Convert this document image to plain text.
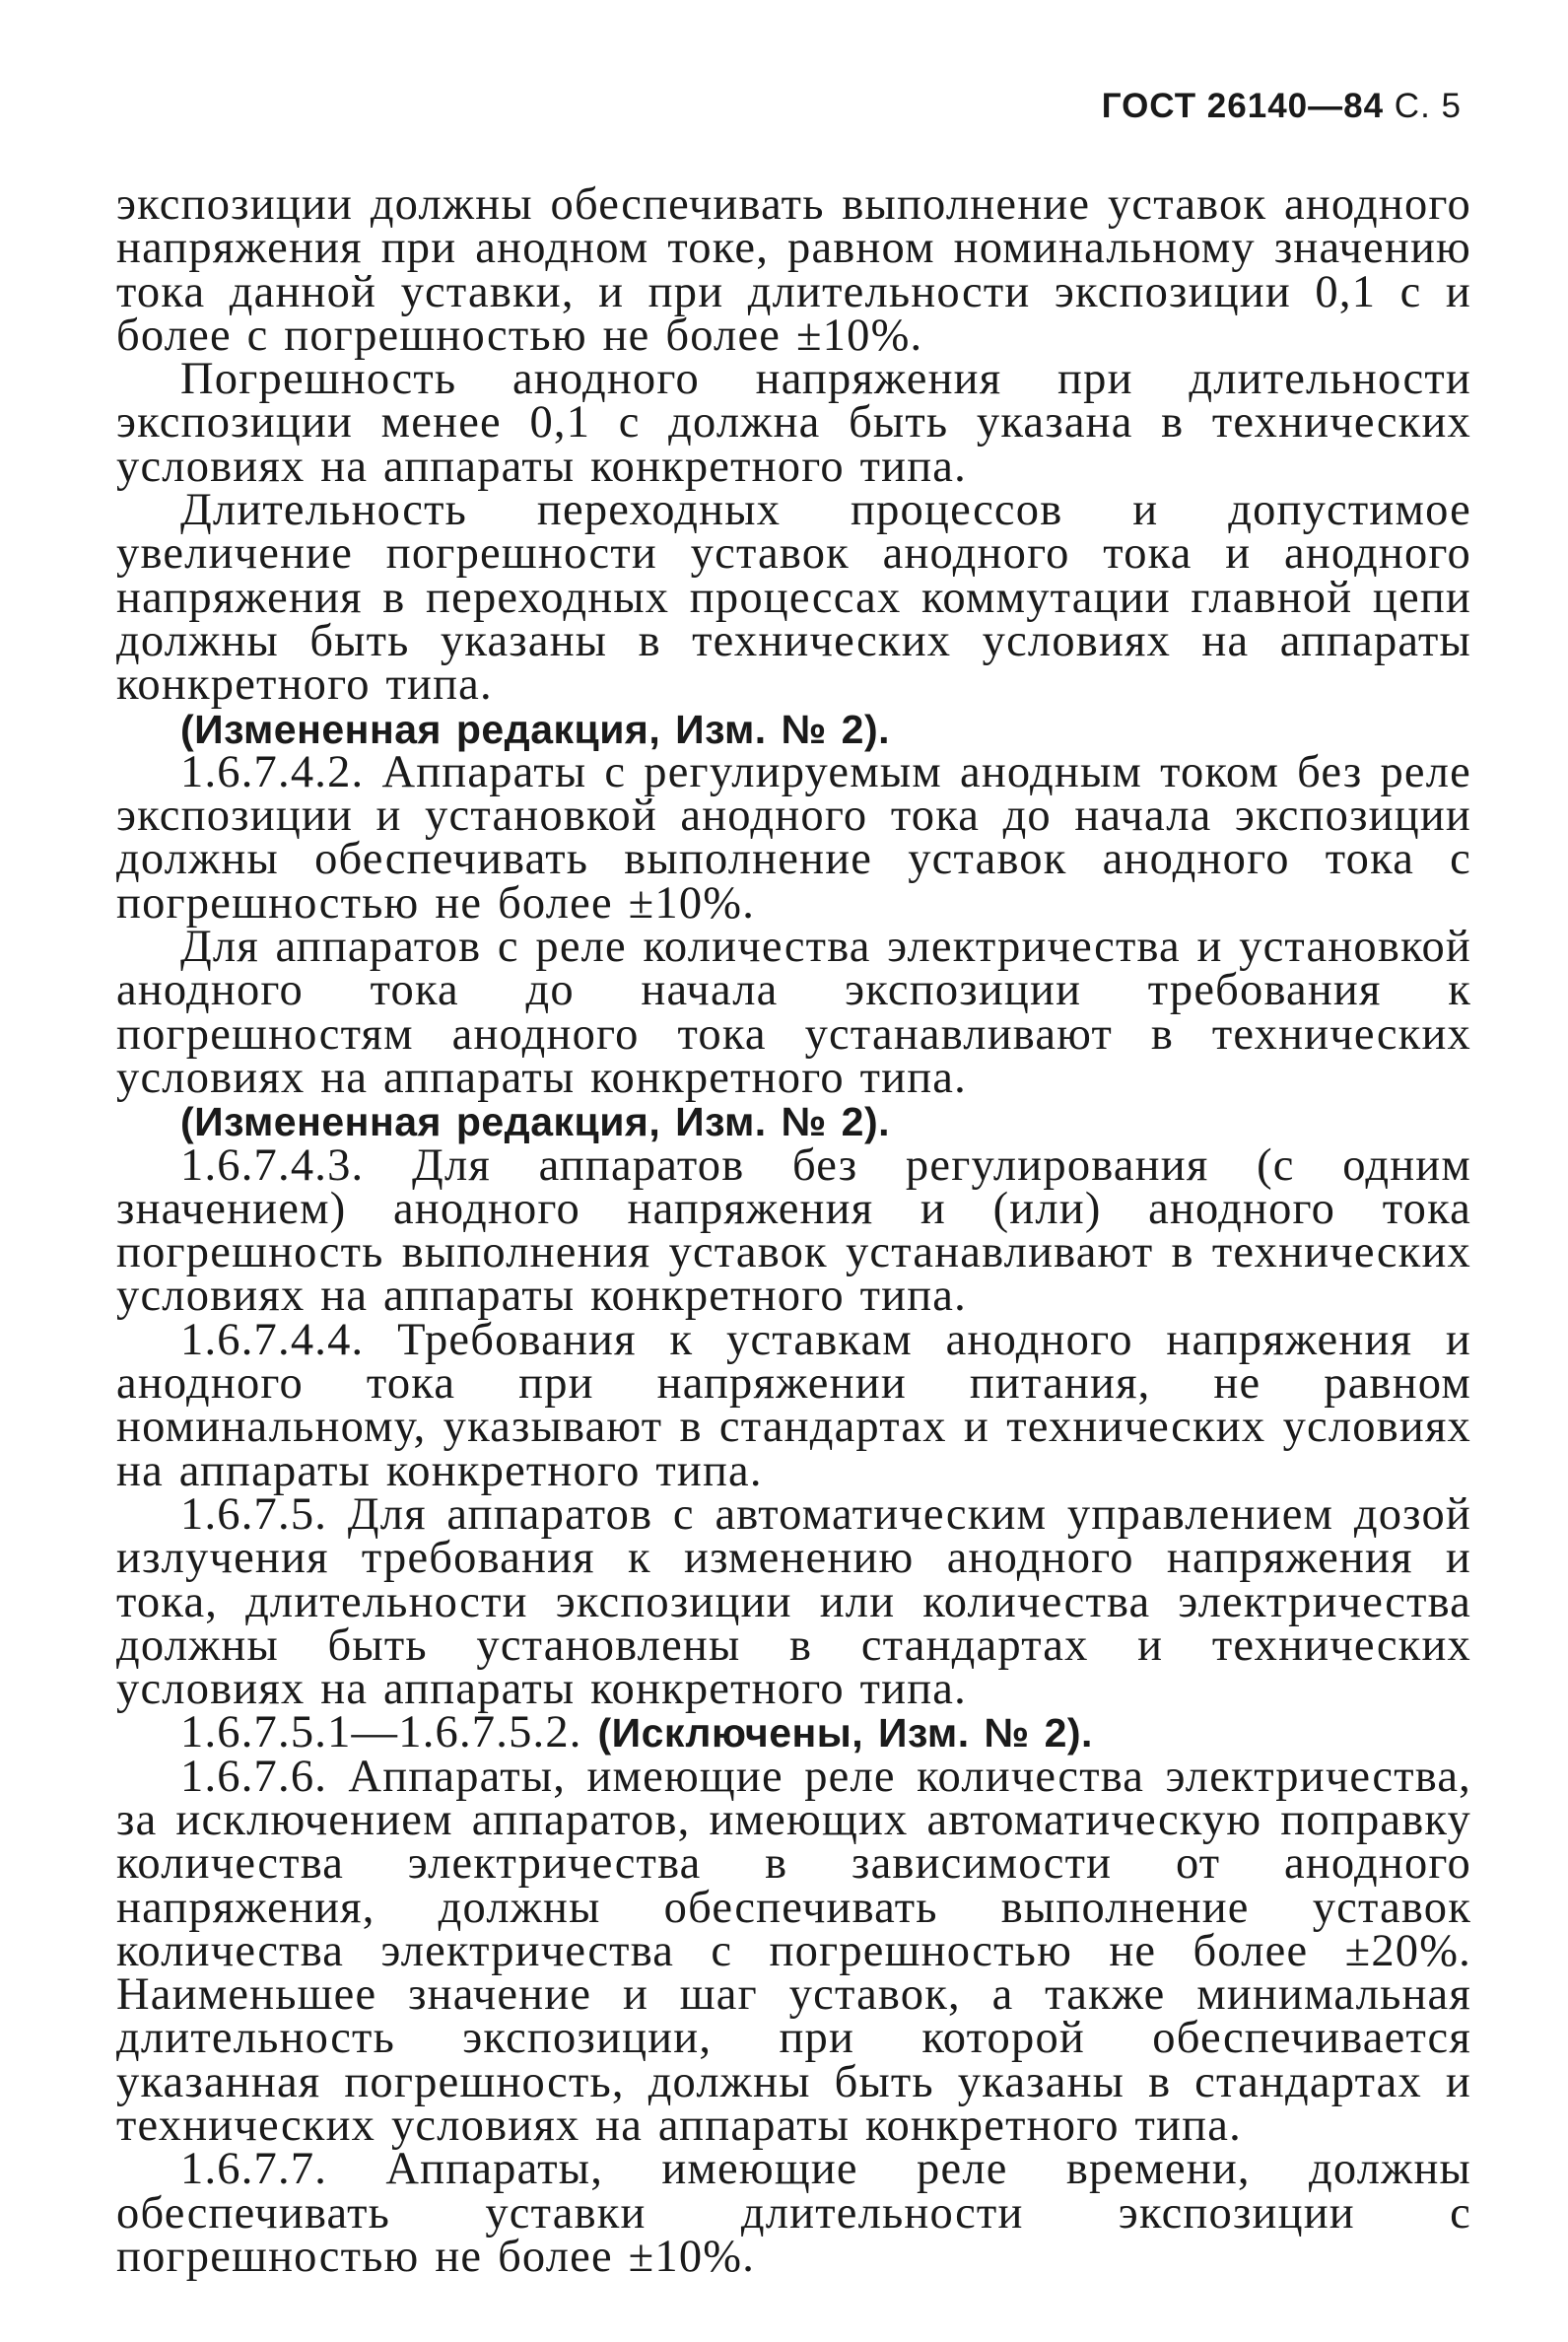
ГОСТ 26140—84 С. 5

экспозиции должны обеспечивать выполнение уставок анодного напряжения при анодном токе, равном номинальному значению тока данной уставки, и при длительности экспозиции 0,1 с и более с погрешностью не более ±10%.

Погрешность анодного напряжения при длительности экспозиции менее 0,1 с должна быть указана в технических условиях на аппараты конкретного типа.

Длительность переходных процессов и допустимое увеличение погрешности уставок анодного тока и анодного напряжения в переходных процессах коммутации главной цепи должны быть указаны в технических условиях на аппараты конкретного типа.

(Измененная редакция, Изм. № 2).

1.6.7.4.2. Аппараты с регулируемым анодным током без реле экспозиции и установкой анодного тока до начала экспозиции должны обеспечивать выполнение уставок анодного тока с погрешностью не более ±10%.

Для аппаратов с реле количества электричества и установкой анодного тока до начала экспозиции требования к погрешностям анодного тока устанавливают в технических условиях на аппараты конкретного типа.

(Измененная редакция, Изм. № 2).

1.6.7.4.3. Для аппаратов без регулирования (с одним значением) анодного напряжения и (или) анодного тока погрешность выполнения уставок устанавливают в технических условиях на аппараты конкретного типа.

1.6.7.4.4. Требования к уставкам анодного напряжения и анодного тока при напряжении питания, не равном номинальному, указывают в стандартах и технических условиях на аппараты конкретного типа.

1.6.7.5. Для аппаратов с автоматическим управлением дозой излучения требования к изменению анодного напряжения и тока, длительности экспозиции или количества электричества должны быть установлены в стандартах и технических условиях на аппараты конкретного типа.

1.6.7.5.1—1.6.7.5.2. (Исключены, Изм. № 2).

1.6.7.6. Аппараты, имеющие реле количества электричества, за исключением аппаратов, имеющих автоматическую поправку количества электричества в зависимости от анодного напряжения, должны обеспечивать выполнение уставок количества электричества с погрешностью не более ±20%. Наименьшее значение и шаг уставок, а также минимальная длительность экспозиции, при которой обеспечивается указанная погрешность, должны быть указаны в стандартах и технических условиях на аппараты конкретного типа.

1.6.7.7. Аппараты, имеющие реле времени, должны обеспечивать уставки длительности экспозиции с погрешностью не более ±10%.
